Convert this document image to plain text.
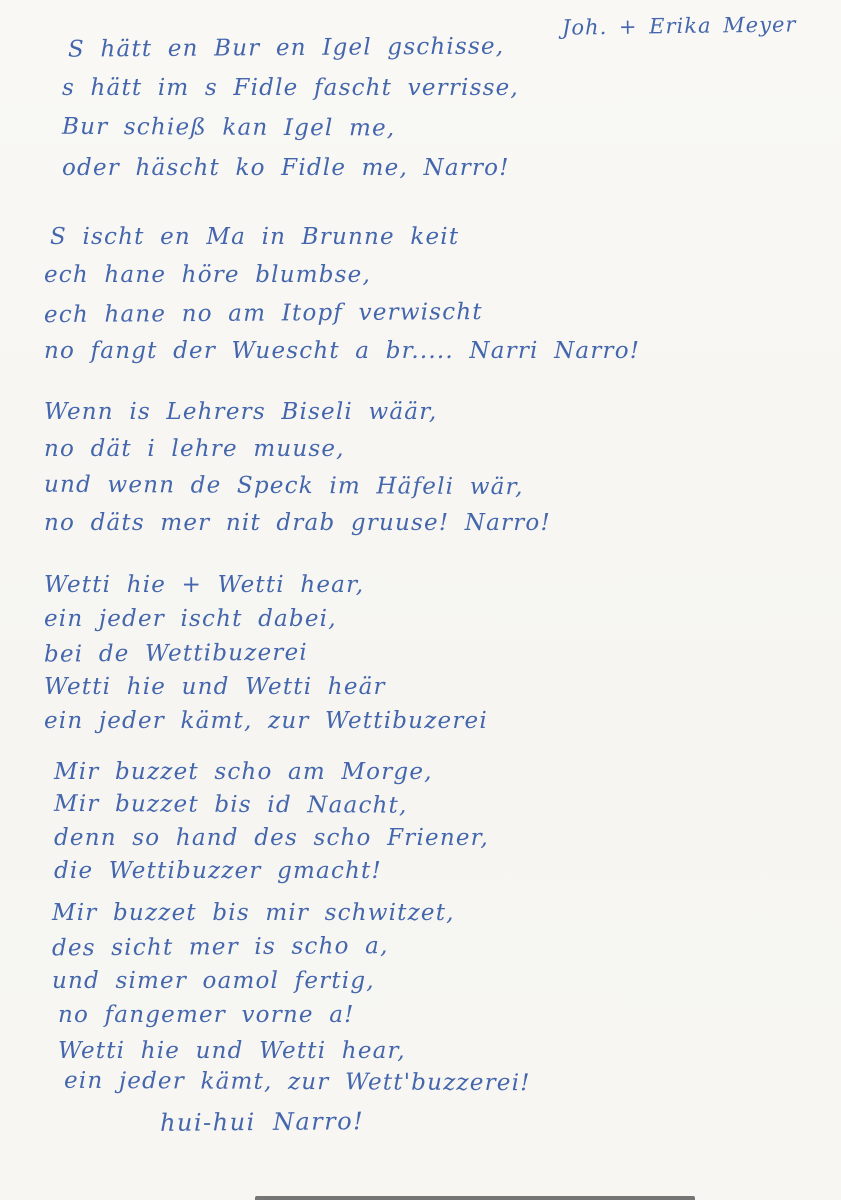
Joh. + Erika Meyer
S hätt en Bur en Igel gschisse,
s hätt im s Fidle fascht verrisse,
Bur schieß kan Igel me,
oder häscht ko Fidle me, Narro!
S ischt en Ma in Brunne keit
ech hane höre blumbse,
ech hane no am Itopf verwischt
no fangt der Wuescht a br..... Narri Narro!
Wenn is Lehrers Biseli wäär,
no dät i lehre muuse,
und wenn de Speck im Häfeli wär,
no däts mer nit drab gruuse! Narro!
Wetti hie + Wetti hear,
ein jeder ischt dabei,
bei de Wettibuzerei
Wetti hie und Wetti heär
ein jeder kämt, zur Wettibuzerei
Mir buzzet scho am Morge,
Mir buzzet bis id Naacht,
denn so hand des scho Friener,
die Wettibuzzer gmacht!
Mir buzzet bis mir schwitzet,
des sicht mer is scho a,
und simer oamol fertig,
no fangemer vorne a!
Wetti hie und Wetti hear,
ein jeder kämt, zur Wett'buzzerei!
hui-hui Narro!
